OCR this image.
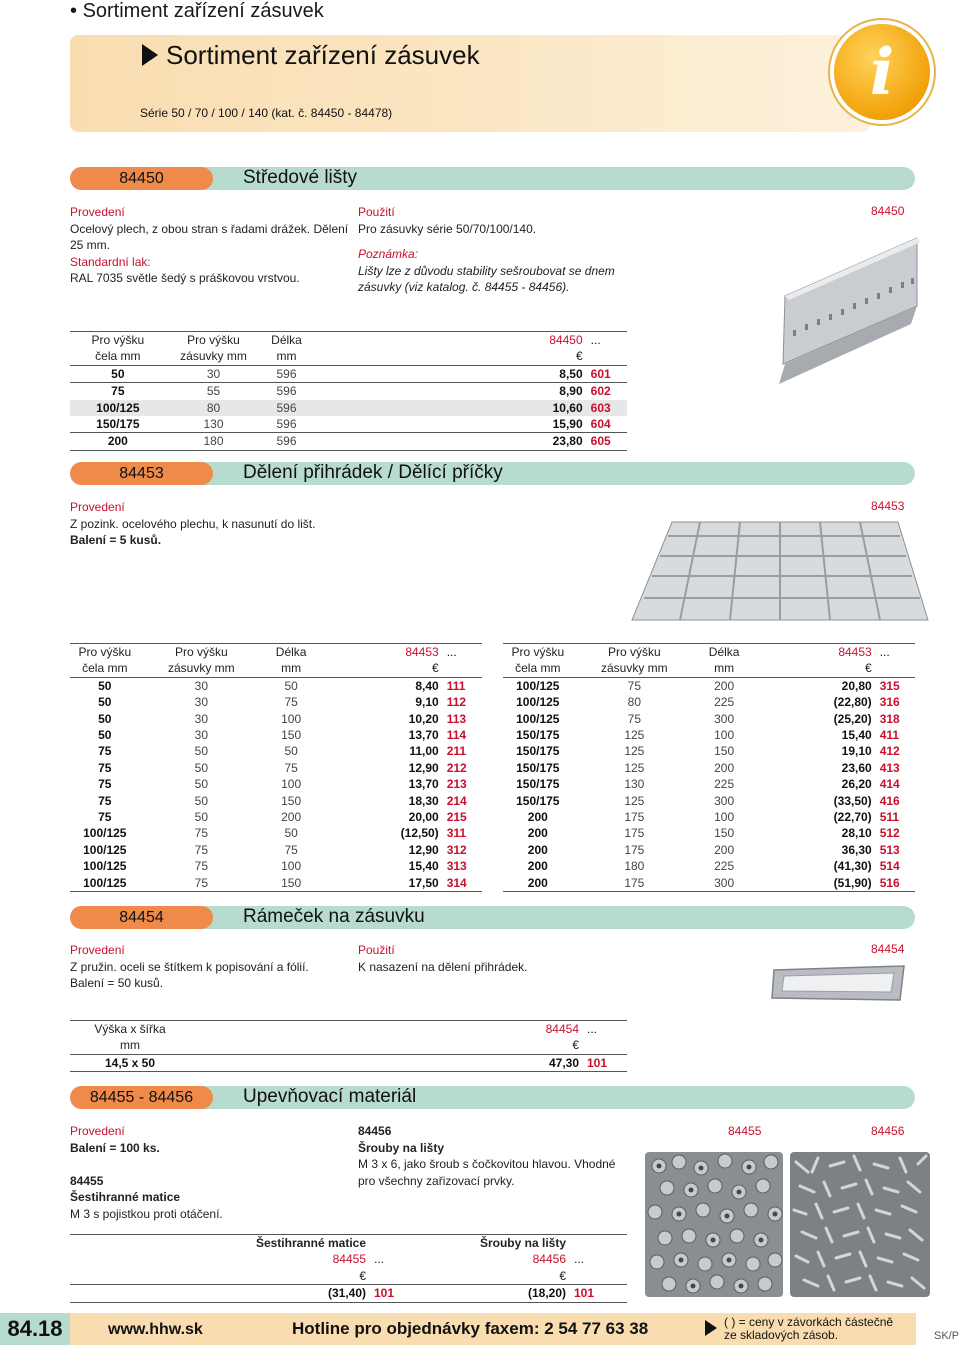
• Sortiment zařízení zásuvek
Sortiment zařízení zásuvek
Série 50 / 70 / 100 / 140 (kat. č. 84450 - 84478)
i
84450	Středové lišty
Provedení
Ocelový plech, z obou stran s řadami drážek. Dělení 25 mm.
Standardní lak:
RAL 7035 světle šedý s práškovou vrstvou.
Použití
Pro zásuvky série 50/70/100/140.
Poznámka:
Lišty lze z důvodu stability sešroubovat se dnem zásuvky (viz katalog. č. 84455 - 84456).
84450
Pro výšku	Pro výšku	Délka		84450	...
čela mm	zásuvky mm	mm		€	
50	30	596		8,50	601
75	55	596		8,90	602
100/125	80	596		10,60	603
150/175	130	596		15,90	604
200	180	596		23,80	605
84453	Dělení přihrádek / Dělící příčky
Provedení
Z pozink. ocelového plechu, k nasunutí do lišt.
Balení = 5 kusů.
84453
Pro výšku	Pro výšku	Délka		84453	...
čela mm	zásuvky mm	mm		€	
50	30	50		8,40	111
50	30	75		9,10	112
50	30	100		10,20	113
50	30	150		13,70	114
75	50	50		11,00	211
75	50	75		12,90	212
75	50	100		13,70	213
75	50	150		18,30	214
75	50	200		20,00	215
100/125	75	50		(12,50)	311
100/125	75	75		12,90	312
100/125	75	100		15,40	313
100/125	75	150		17,50	314
Pro výšku	Pro výšku	Délka		84453	...
čela mm	zásuvky mm	mm		€	
100/125	75	200		20,80	315
100/125	80	225		(22,80)	316
100/125	75	300		(25,20)	318
150/175	125	100		15,40	411
150/175	125	150		19,10	412
150/175	125	200		23,60	413
150/175	130	225		26,20	414
150/175	125	300		(33,50)	416
200	175	100		(22,70)	511
200	175	150		28,10	512
200	175	200		36,30	513
200	180	225		(41,30)	514
200	175	300		(51,90)	516
84454	Rámeček na zásuvku
Provedení
Z pružin. oceli se štítkem k popisování a fólií. Balení = 50 kusů.
Použití
K nasazení na dělení přihrádek.
84454
Výška x šířka		84454	...
mm		€	
14,5 x 50		47,30	101
84455 - 84456	Upevňovací materiál
Provedení
Balení = 100 ks.
84455
Šestihranné matice
M 3 s pojistkou proti otáčení.
84456
Šrouby na lišty
M 3 x 6, jako šroub s čočkovitou hlavou. Vhodné pro všechny zařizovací prvky.
84455	84456
	Šestihranné matice			Šrouby na lišty	
	84455	...		84456	...
	€			€	
	(31,40)	101		(18,20)	101
84.18	www.hhw.sk	Hotline pro objednávky faxem: 2 54 77 63 38	( ) = ceny v závorkách částečně ze skladových zásob.	SK/P
